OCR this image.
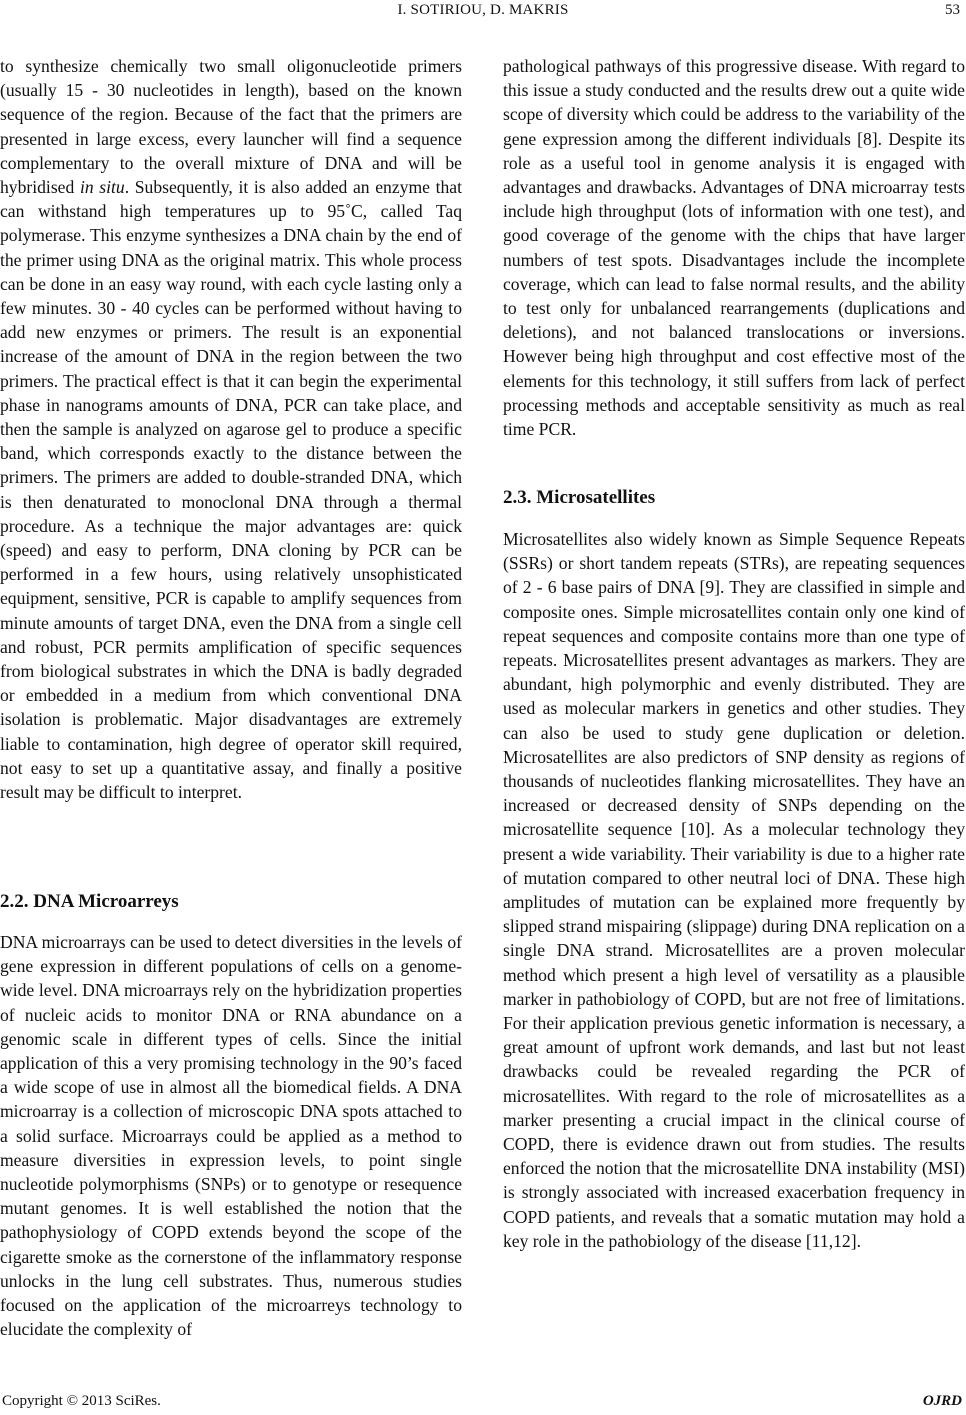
I. SOTIRIOU, D. MAKRIS	53

to synthesize chemically two small oligonucleotide primers (usually 15 - 30 nucleotides in length), based on the known sequence of the region. Because of the fact that the primers are presented in large excess, every launcher will find a sequence complementary to the overall mixture of DNA and will be hybridised in situ. Subsequently, it is also added an enzyme that can withstand high temperatures up to 95˚C, called Taq polymerase. This enzyme synthesizes a DNA chain by the end of the primer using DNA as the original matrix. This whole process can be done in an easy way round, with each cycle lasting only a few minutes. 30 - 40 cycles can be performed without having to add new enzymes or primers. The result is an exponential increase of the amount of DNA in the region between the two primers. The practical effect is that it can begin the experimental phase in nanograms amounts of DNA, PCR can take place, and then the sample is analyzed on agarose gel to produce a specific band, which corresponds exactly to the distance between the primers. The primers are added to double-stranded DNA, which is then denaturated to monoclonal DNA through a thermal procedure. As a technique the major advantages are: quick (speed) and easy to perform, DNA cloning by PCR can be performed in a few hours, using relatively unsophisticated equipment, sensitive, PCR is capable to amplify sequences from minute amounts of target DNA, even the DNA from a single cell and robust, PCR permits amplification of specific sequences from biological substrates in which the DNA is badly degraded or embedded in a medium from which conventional DNA isolation is problematic. Major disadvantages are extremely liable to contamination, high degree of operator skill required, not easy to set up a quantitative assay, and finally a positive result may be difficult to interpret.

2.2. DNA Microarreys

DNA microarrays can be used to detect diversities in the levels of gene expression in different populations of cells on a genome-wide level. DNA microarrays rely on the hybridization properties of nucleic acids to monitor DNA or RNA abundance on a genomic scale in different types of cells. Since the initial application of this a very promising technology in the 90’s faced a wide scope of use in almost all the biomedical fields. A DNA microarray is a collection of microscopic DNA spots attached to a solid surface. Microarrays could be applied as a method to measure diversities in expression levels, to point single nucleotide polymorphisms (SNPs) or to genotype or resequence mutant genomes. It is well established the notion that the pathophysiology of COPD extends beyond the scope of the cigarette smoke as the cornerstone of the inflammatory response unlocks in the lung cell substrates. Thus, numerous studies focused on the application of the microarreys technology to elucidate the complexity of

pathological pathways of this progressive disease. With regard to this issue a study conducted and the results drew out a quite wide scope of diversity which could be address to the variability of the gene expression among the different individuals [8]. Despite its role as a useful tool in genome analysis it is engaged with advantages and drawbacks. Advantages of DNA microarray tests include high throughput (lots of information with one test), and good coverage of the genome with the chips that have larger numbers of test spots. Disadvantages include the incomplete coverage, which can lead to false normal results, and the ability to test only for unbalanced rearrangements (duplications and deletions), and not balanced translocations or inversions. However being high throughput and cost effective most of the elements for this technology, it still suffers from lack of perfect processing methods and acceptable sensitivity as much as real time PCR.

2.3. Microsatellites

Microsatellites also widely known as Simple Sequence Repeats (SSRs) or short tandem repeats (STRs), are repeating sequences of 2 - 6 base pairs of DNA [9]. They are classified in simple and composite ones. Simple microsatellites contain only one kind of repeat sequences and composite contains more than one type of repeats. Microsatellites present advantages as markers. They are abundant, high polymorphic and evenly distributed. They are used as molecular markers in genetics and other studies. They can also be used to study gene duplication or deletion. Microsatellites are also predictors of SNP density as regions of thousands of nucleotides flanking microsatellites. They have an increased or decreased density of SNPs depending on the microsatellite sequence [10]. As a molecular technology they present a wide variability. Their variability is due to a higher rate of mutation compared to other neutral loci of DNA. These high amplitudes of mutation can be explained more frequently by slipped strand mispairing (slippage) during DNA replication on a single DNA strand. Microsatellites are a proven molecular method which present a high level of versatility as a plausible marker in pathobiology of COPD, but are not free of limitations. For their application previous genetic information is necessary, a great amount of upfront work demands, and last but not least drawbacks could be revealed regarding the PCR of microsatellites. With regard to the role of microsatellites as a marker presenting a crucial impact in the clinical course of COPD, there is evidence drawn out from studies. The results enforced the notion that the microsatellite DNA instability (MSI) is strongly associated with increased exacerbation frequency in COPD patients, and reveals that a somatic mutation may hold a key role in the pathobiology of the disease [11,12].

Copyright © 2013 SciRes.	OJRD
